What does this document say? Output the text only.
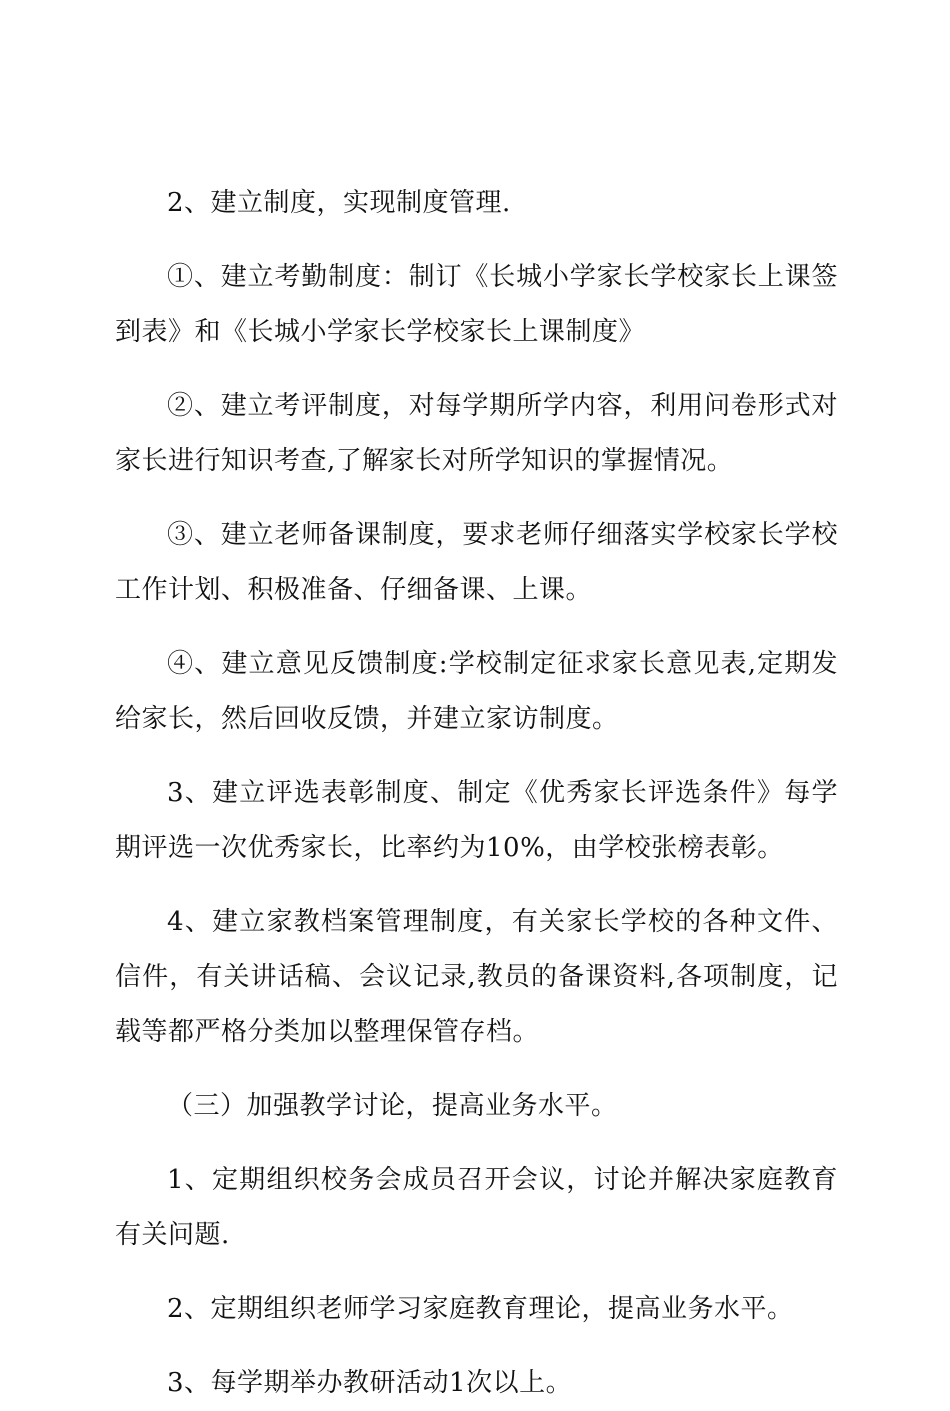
2、建立制度，实现制度管理.

①、建立考勤制度：制订《长城小学家长学校家长上课签到表》和《长城小学家长学校家长上课制度》

②、建立考评制度，对每学期所学内容，利用问卷形式对家长进行知识考查,了解家长对所学知识的掌握情况。

③、建立老师备课制度，要求老师仔细落实学校家长学校工作计划、积极准备、仔细备课、上课。

④、建立意见反馈制度:学校制定征求家长意见表,定期发给家长，然后回收反馈，并建立家访制度。

3、建立评选表彰制度、制定《优秀家长评选条件》每学期评选一次优秀家长，比率约为10%，由学校张榜表彰。

4、建立家教档案管理制度，有关家长学校的各种文件、信件，有关讲话稿、会议记录,教员的备课资料,各项制度，记载等都严格分类加以整理保管存档。

（三）加强教学讨论，提高业务水平。

1、定期组织校务会成员召开会议，讨论并解决家庭教育有关问题.

2、定期组织老师学习家庭教育理论，提高业务水平。

3、每学期举办教研活动1次以上。
